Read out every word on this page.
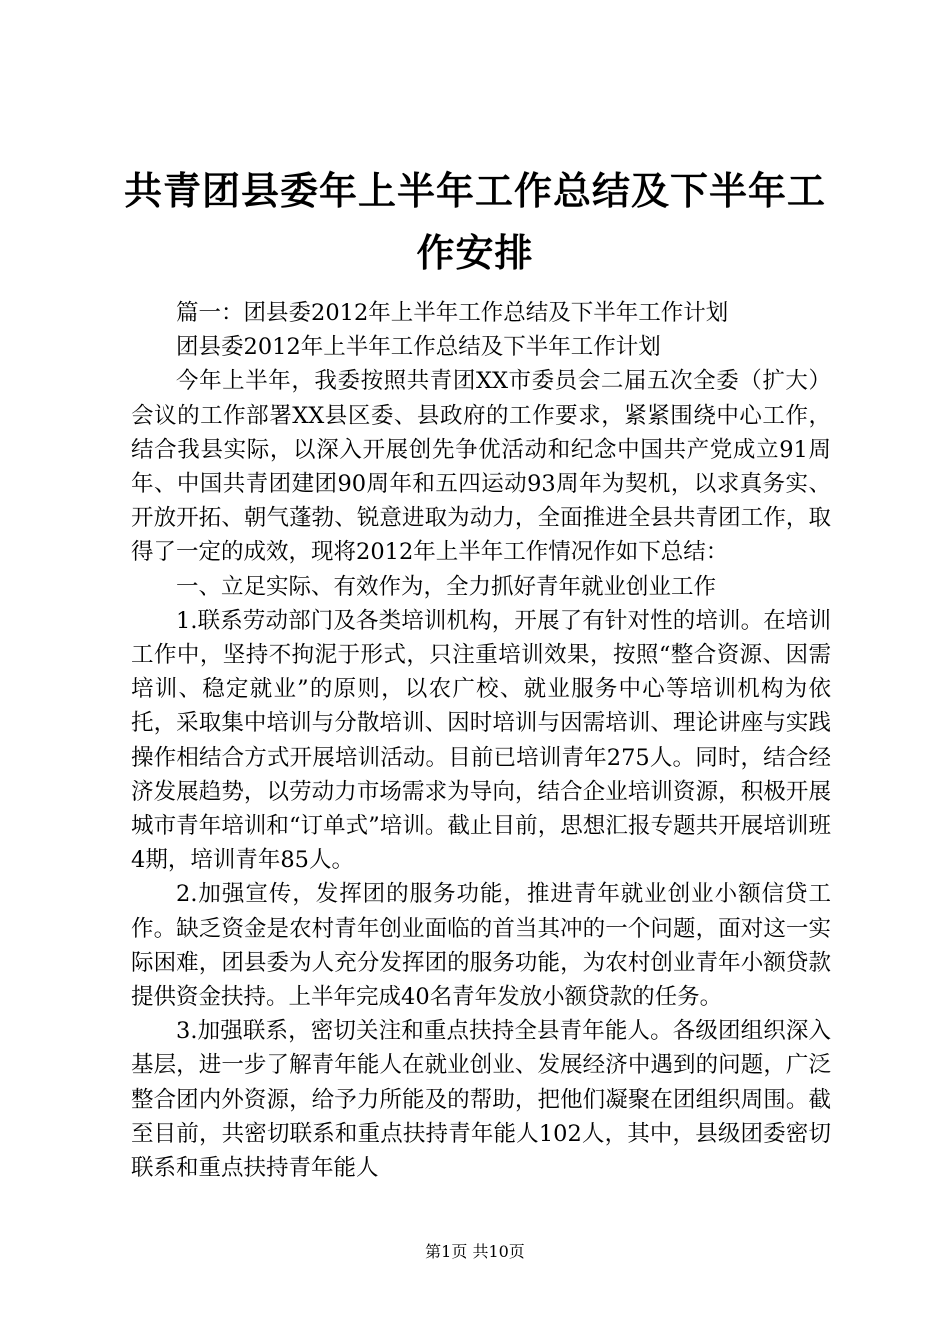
共青团县委年上半年工作总结及下半年工作安排

篇一：团县委2012年上半年工作总结及下半年工作计划

团县委2012年上半年工作总结及下半年工作计划

今年上半年，我委按照共青团XX市委员会二届五次全委（扩大）会议的工作部署XX县区委、县政府的工作要求，紧紧围绕中心工作，结合我县实际，以深入开展创先争优活动和纪念中国共产党成立91周年、中国共青团建团90周年和五四运动93周年为契机，以求真务实、开放开拓、朝气蓬勃、锐意进取为动力，全面推进全县共青团工作，取得了一定的成效，现将2012年上半年工作情况作如下总结：

一、立足实际、有效作为，全力抓好青年就业创业工作

1.联系劳动部门及各类培训机构，开展了有针对性的培训。在培训工作中，坚持不拘泥于形式，只注重培训效果，按照“整合资源、因需培训、稳定就业”的原则，以农广校、就业服务中心等培训机构为依托，采取集中培训与分散培训、因时培训与因需培训、理论讲座与实践操作相结合方式开展培训活动。目前已培训青年275人。同时，结合经济发展趋势，以劳动力市场需求为导向，结合企业培训资源，积极开展城市青年培训和“订单式”培训。截止目前，思想汇报专题共开展培训班4期，培训青年85人。

2.加强宣传，发挥团的服务功能，推进青年就业创业小额信贷工作。缺乏资金是农村青年创业面临的首当其冲的一个问题，面对这一实际困难，团县委为人充分发挥团的服务功能，为农村创业青年小额贷款提供资金扶持。上半年完成40名青年发放小额贷款的任务。

3.加强联系，密切关注和重点扶持全县青年能人。各级团组织深入基层，进一步了解青年能人在就业创业、发展经济中遇到的问题，广泛整合团内外资源，给予力所能及的帮助，把他们凝聚在团组织周围。截至目前，共密切联系和重点扶持青年能人102人，其中，县级团委密切联系和重点扶持青年能人

第1页 共10页
